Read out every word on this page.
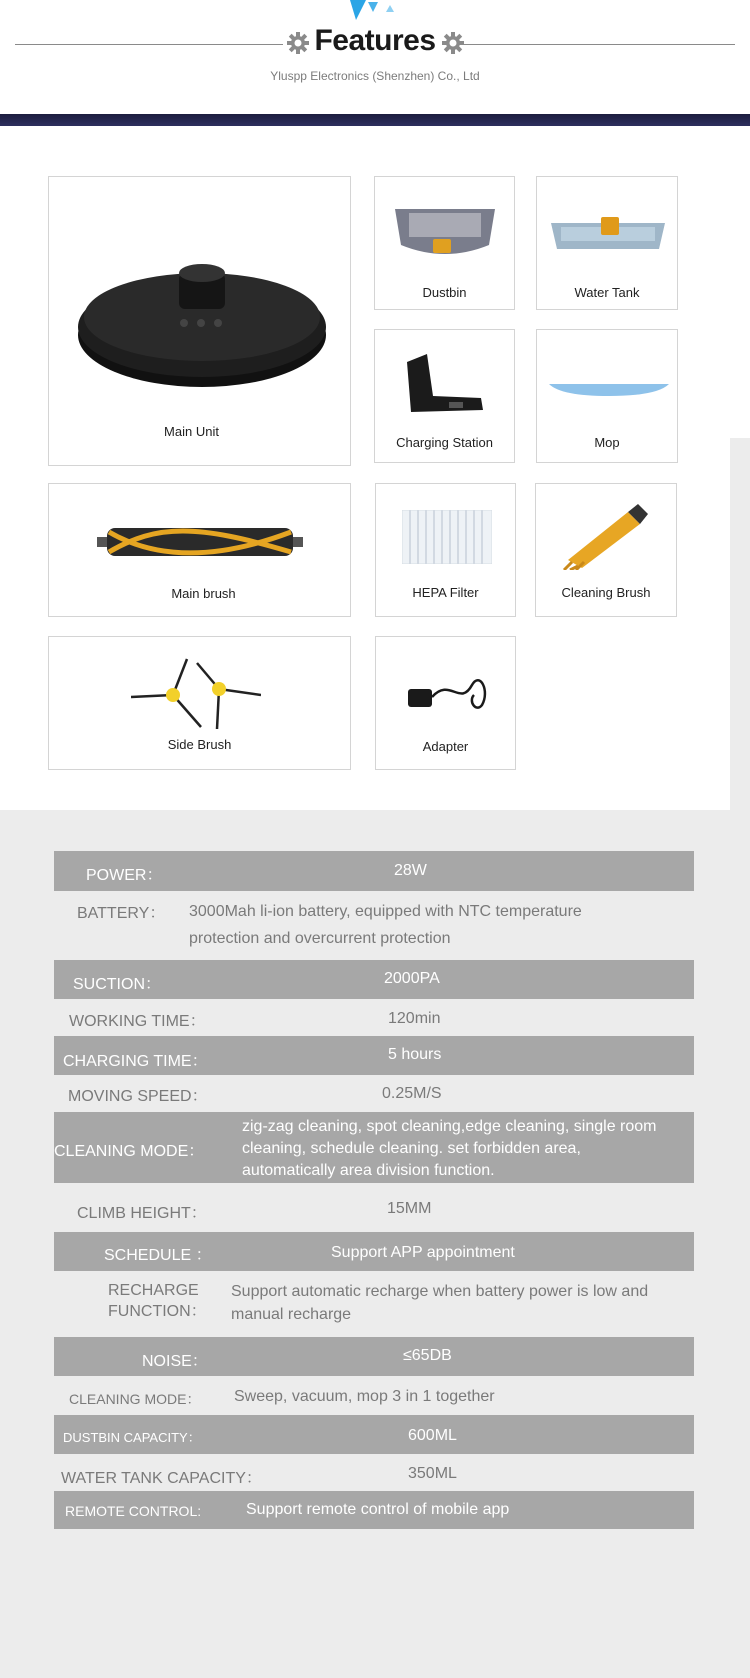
Features
Yluspp Electronics (Shenzhen) Co., Ltd
Main Unit
Dustbin	Water Tank
Charging Station	Mop
Main brush	HEPA Filter	Cleaning Brush
Side Brush	Adapter
POWER：	28W
BATTERY： 3000Mah li-ion battery, equipped with NTC temperature protection and overcurrent protection
SUCTION：	2000PA
WORKING TIME：	120min
CHARGING TIME：	5 hours
MOVING SPEED：	0.25M/S
CLEANING MODE：
zig-zag cleaning, spot cleaning,edge cleaning, single room cleaning, schedule cleaning. set forbidden area, automatically area division function.
CLIMB HEIGHT：	15MM
SCHEDULE ：	Support APP appointment
RECHARGE FUNCTION：
Support automatic recharge when battery power is low and manual recharge
NOISE：	≤65DB
CLEANING MODE： Sweep, vacuum, mop 3 in 1 together
DUSTBIN CAPACITY：	600ML
WATER TANK CAPACITY：	350ML
REMOTE CONTROL:	Support remote control of mobile app
